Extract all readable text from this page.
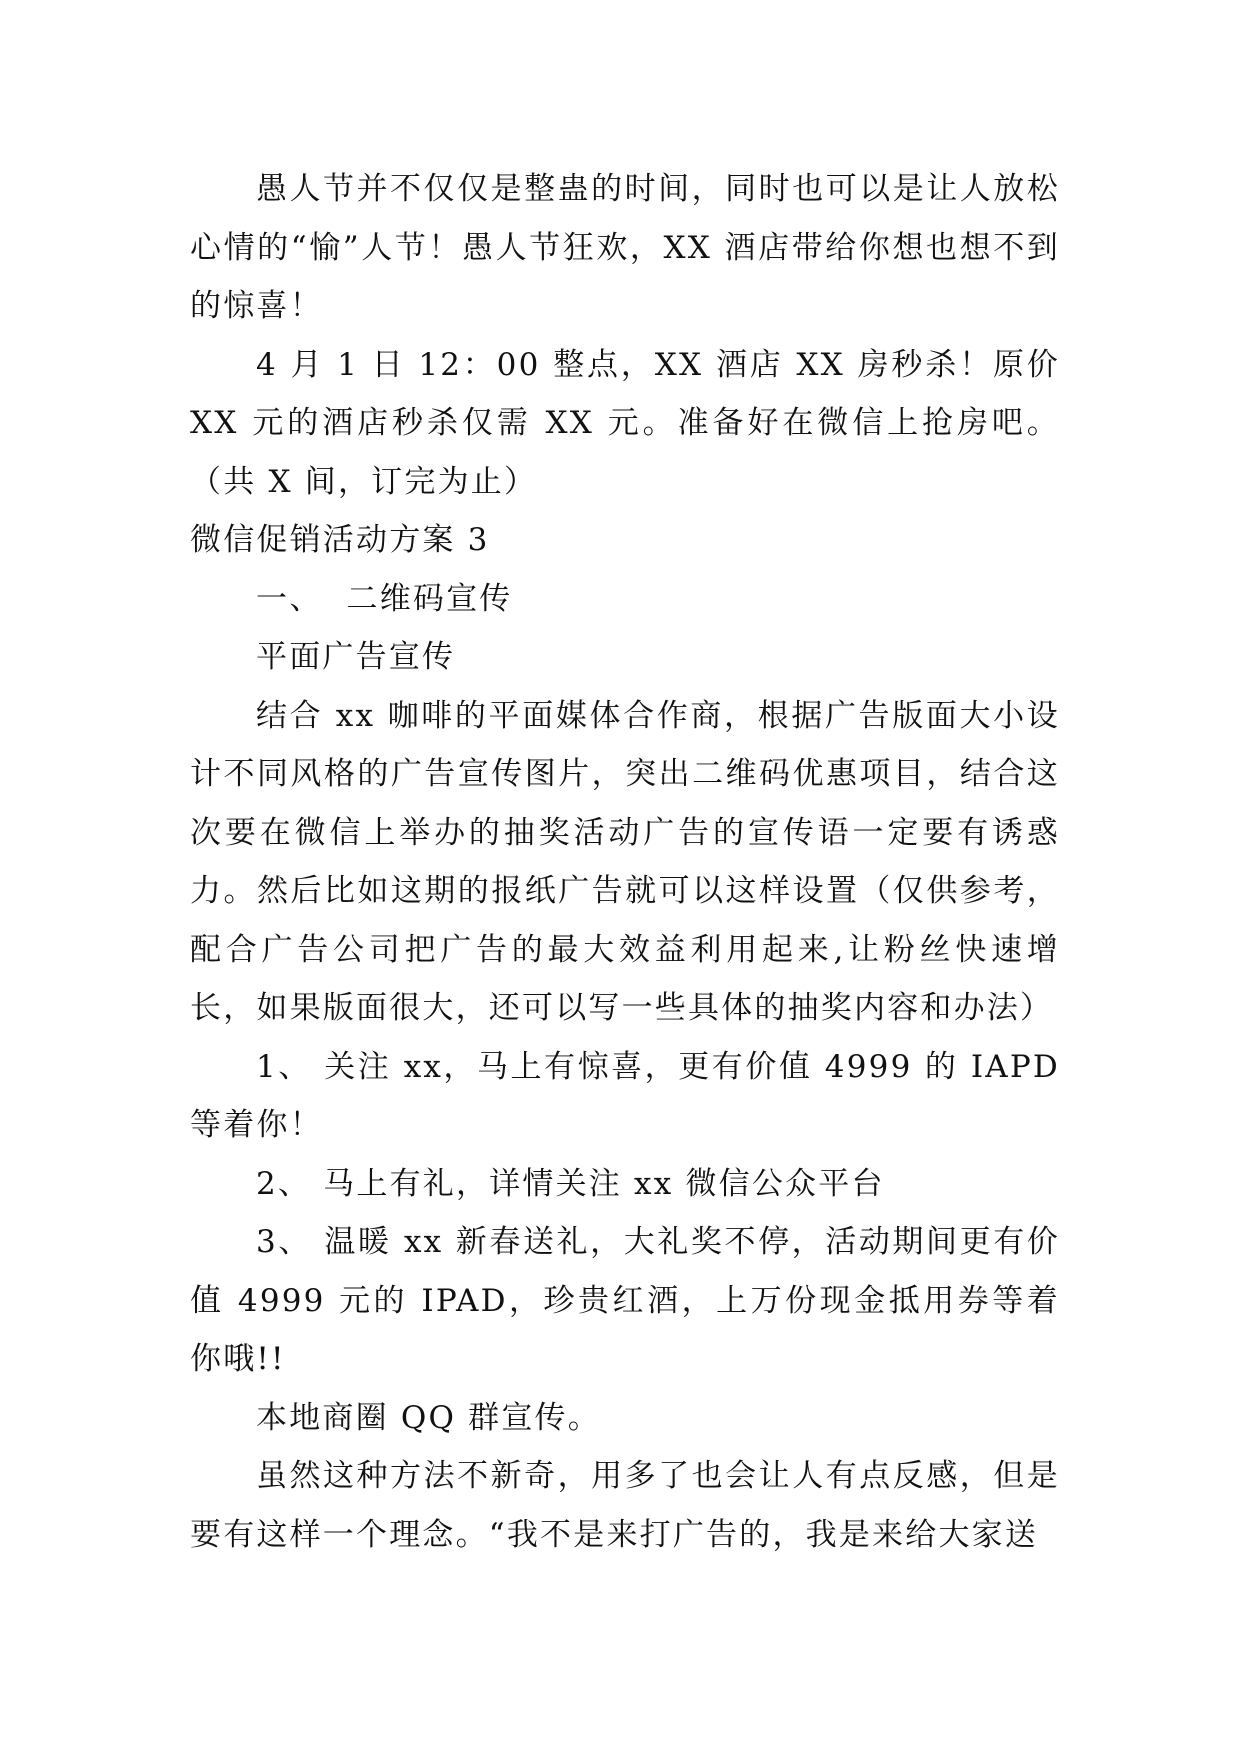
愚人节并不仅仅是整蛊的时间，同时也可以是让人放松心情的“愉”人节！愚人节狂欢，XX 酒店带给你想也想不到的惊喜！

4 月 1 日 12：00 整点，XX 酒店 XX 房秒杀！原价 XX 元的酒店秒杀仅需 XX 元。准备好在微信上抢房吧。（共 X 间，订完为止）

微信促销活动方案 3

一、  二维码宣传

平面广告宣传

结合 xx 咖啡的平面媒体合作商，根据广告版面大小设计不同风格的广告宣传图片，突出二维码优惠项目，结合这次要在微信上举办的抽奖活动广告的宣传语一定要有诱惑力。然后比如这期的报纸广告就可以这样设置（仅供参考，配合广告公司把广告的最大效益利用起来,让粉丝快速增长，如果版面很大，还可以写一些具体的抽奖内容和办法）

1、 关注 xx，马上有惊喜，更有价值 4999 的 IAPD 等着你！

2、 马上有礼，详情关注 xx 微信公众平台

3、 温暖 xx 新春送礼，大礼奖不停，活动期间更有价值 4999 元的 IPAD，珍贵红酒，上万份现金抵用券等着你哦!!

本地商圈 QQ 群宣传。

虽然这种方法不新奇，用多了也会让人有点反感，但是要有这样一个理念。“我不是来打广告的，我是来给大家送
